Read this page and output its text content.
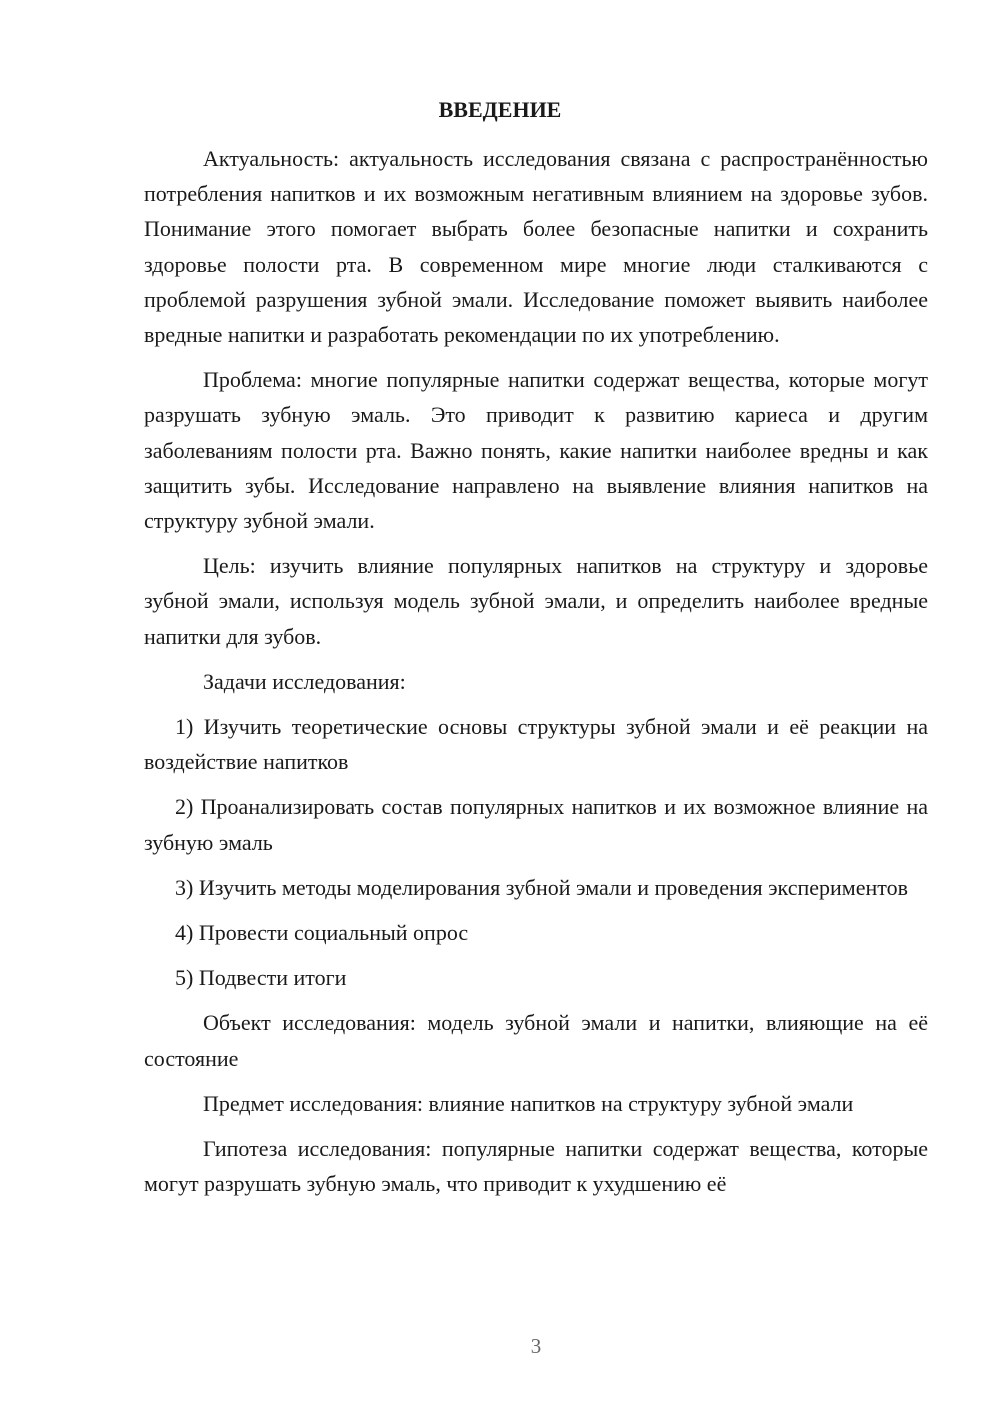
ВВЕДЕНИЕ

Актуальность: актуальность исследования связана с распространённостью потребления напитков и их возможным негативным влиянием на здоровье зубов. Понимание этого помогает выбрать более безопасные напитки и сохранить здоровье полости рта. В современном мире многие люди сталкиваются с проблемой разрушения зубной эмали. Исследование поможет выявить наиболее вредные напитки и разработать рекомендации по их употреблению.

Проблема: многие популярные напитки содержат вещества, которые могут разрушать зубную эмаль. Это приводит к развитию кариеса и другим заболеваниям полости рта. Важно понять, какие напитки наиболее вредны и как защитить зубы. Исследование направлено на выявление влияния напитков на структуру зубной эмали.

Цель: изучить влияние популярных напитков на структуру и здоровье зубной эмали, используя модель зубной эмали, и определить наиболее вредные напитки для зубов.

Задачи исследования:

1) Изучить теоретические основы структуры зубной эмали и её реакции на воздействие напитков

2) Проанализировать состав популярных напитков и их возможное влияние на зубную эмаль

3) Изучить методы моделирования зубной эмали и проведения экспериментов

4) Провести социальный опрос

5) Подвести итоги

Объект исследования: модель зубной эмали и напитки, влияющие на её состояние

Предмет исследования: влияние напитков на структуру зубной эмали

Гипотеза исследования: популярные напитки содержат вещества, которые могут разрушать зубную эмаль, что приводит к ухудшению её

3
